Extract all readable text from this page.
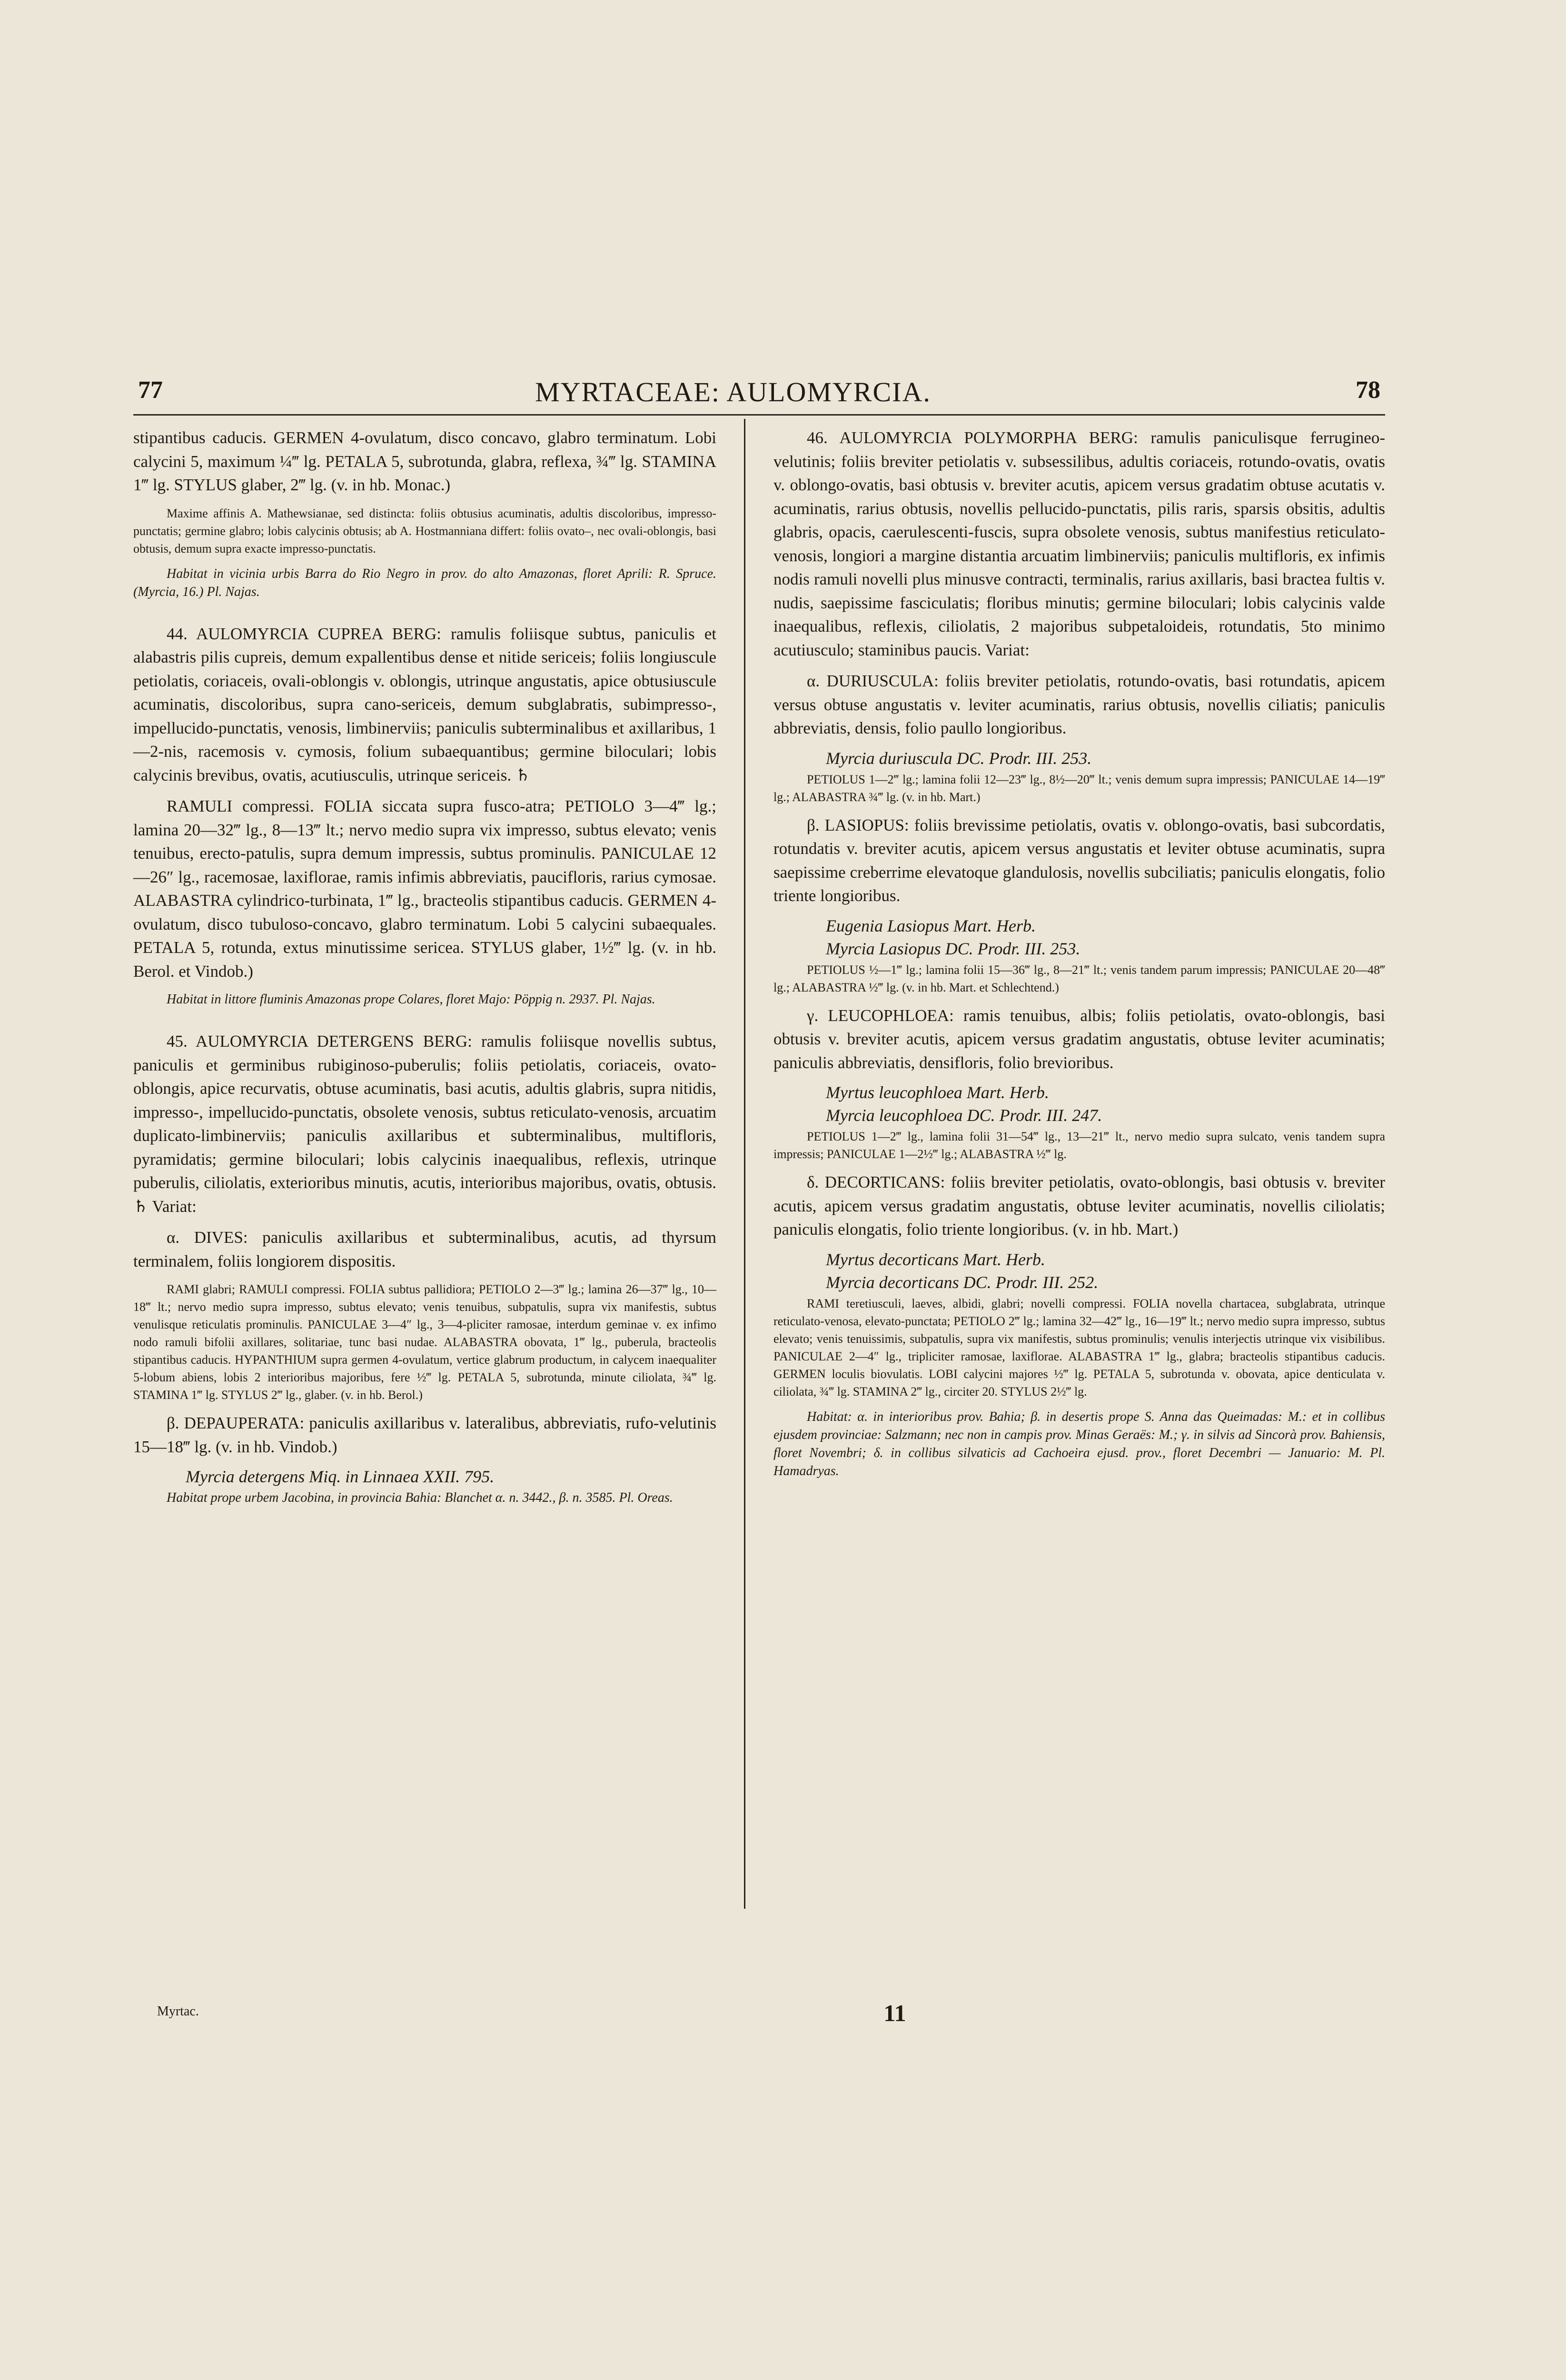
77	MYRTACEAE: AULOMYRCIA.	78

stipantibus caducis. GERMEN 4-ovulatum, disco concavo, glabro terminatum. Lobi calycini 5, maximum ¼‴ lg. PETALA 5, subrotunda, glabra, reflexa, ¾‴ lg. STAMINA 1‴ lg. STYLUS glaber, 2‴ lg. (v. in hb. Monac.)

Maxime affinis A. Mathewsianae, sed distincta: foliis obtusius acuminatis, adultis discoloribus, impresso-punctatis; germine glabro; lobis calycinis obtusis; ab A. Hostmanniana differt: foliis ovato–, nec ovali-oblongis, basi obtusis, demum supra exacte impresso-punctatis.

Habitat in vicinia urbis Barra do Rio Negro in prov. do alto Amazonas, floret Aprili: R. Spruce. (Myrcia, 16.) Pl. Najas.

44. AULOMYRCIA CUPREA BERG: ramulis foliisque subtus, paniculis et alabastris pilis cupreis, demum expallentibus dense et nitide sericeis; foliis longiuscule petiolatis, coriaceis, ovali-oblongis v. oblongis, utrinque angustatis, apice obtusiuscule acuminatis, discoloribus, supra cano-sericeis, demum subglabratis, subimpresso-, impellucido-punctatis, venosis, limbinerviis; paniculis subterminalibus et axillaribus, 1—2-nis, racemosis v. cymosis, folium subaequantibus; germine biloculari; lobis calycinis brevibus, ovatis, acutiusculis, utrinque sericeis. ♄

RAMULI compressi. FOLIA siccata supra fusco-atra; PETIOLO 3—4‴ lg.; lamina 20—32‴ lg., 8—13‴ lt.; nervo medio supra vix impresso, subtus elevato; venis tenuibus, erecto-patulis, supra demum impressis, subtus prominulis. PANICULAE 12—26″ lg., racemosae, laxiflorae, ramis infimis abbreviatis, paucifloris, rarius cymosae. ALABASTRA cylindrico-turbinata, 1‴ lg., bracteolis stipantibus caducis. GERMEN 4-ovulatum, disco tubuloso-concavo, glabro terminatum. Lobi 5 calycini subaequales. PETALA 5, rotunda, extus minutissime sericea. STYLUS glaber, 1½‴ lg. (v. in hb. Berol. et Vindob.)

Habitat in littore fluminis Amazonas prope Colares, floret Majo: Pöppig n. 2937. Pl. Najas.

45. AULOMYRCIA DETERGENS BERG: ramulis foliisque novellis subtus, paniculis et germinibus rubiginoso-puberulis; foliis petiolatis, coriaceis, ovato-oblongis, apice recurvatis, obtuse acuminatis, basi acutis, adultis glabris, supra nitidis, impresso-, impellucido-punctatis, obsolete venosis, subtus reticulato-venosis, arcuatim duplicato-limbinerviis; paniculis axillaribus et subterminalibus, multifloris, pyramidatis; germine biloculari; lobis calycinis inaequalibus, reflexis, utrinque puberulis, ciliolatis, exterioribus minutis, acutis, interioribus majoribus, ovatis, obtusis. ♄ Variat:

α. DIVES: paniculis axillaribus et subterminalibus, acutis, ad thyrsum terminalem, foliis longiorem dispositis.

RAMI glabri; RAMULI compressi. FOLIA subtus pallidiora; PETIOLO 2—3‴ lg.; lamina 26—37‴ lg., 10—18‴ lt.; nervo medio supra impresso, subtus elevato; venis tenuibus, subpatulis, supra vix manifestis, subtus venulisque reticulatis prominulis. PANICULAE 3—4″ lg., 3—4-pliciter ramosae, interdum geminae v. ex infimo nodo ramuli bifolii axillares, solitariae, tunc basi nudae. ALABASTRA obovata, 1‴ lg., puberula, bracteolis stipantibus caducis. HYPANTHIUM supra germen 4-ovulatum, vertice glabrum productum, in calycem inaequaliter 5-lobum abiens, lobis 2 interioribus majoribus, fere ½‴ lg. PETALA 5, subrotunda, minute ciliolata, ¾‴ lg. STAMINA 1‴ lg. STYLUS 2‴ lg., glaber. (v. in hb. Berol.)

β. DEPAUPERATA: paniculis axillaribus v. lateralibus, abbreviatis, rufo-velutinis 15—18‴ lg. (v. in hb. Vindob.)

Myrcia detergens Miq. in Linnaea XXII. 795.

Habitat prope urbem Jacobina, in provincia Bahia: Blanchet α. n. 3442., β. n. 3585. Pl. Oreas.

Myrtac.

46. AULOMYRCIA POLYMORPHA BERG: ramulis paniculisque ferrugineo-velutinis; foliis breviter petiolatis v. subsessilibus, adultis coriaceis, rotundo-ovatis, ovatis v. oblongo-ovatis, basi obtusis v. breviter acutis, apicem versus gradatim obtuse acutatis v. acuminatis, rarius obtusis, novellis pellucido-punctatis, pilis raris, sparsis obsitis, adultis glabris, opacis, caerulescenti-fuscis, supra obsolete venosis, subtus manifestius reticulato-venosis, longiori a margine distantia arcuatim limbinerviis; paniculis multifloris, ex infimis nodis ramuli novelli plus minusve contracti, terminalis, rarius axillaris, basi bractea fultis v. nudis, saepissime fasciculatis; floribus minutis; germine biloculari; lobis calycinis valde inaequalibus, reflexis, ciliolatis, 2 majoribus subpetaloideis, rotundatis, 5to minimo acutiusculo; staminibus paucis. Variat:

α. DURIUSCULA: foliis breviter petiolatis, rotundo-ovatis, basi rotundatis, apicem versus obtuse angustatis v. leviter acuminatis, rarius obtusis, novellis ciliatis; paniculis abbreviatis, densis, folio paullo longioribus.

Myrcia duriuscula DC. Prodr. III. 253.

PETIOLUS 1—2‴ lg.; lamina folii 12—23‴ lg., 8½—20‴ lt.; venis demum supra impressis; PANICULAE 14—19‴ lg.; ALABASTRA ¾‴ lg. (v. in hb. Mart.)

β. LASIOPUS: foliis brevissime petiolatis, ovatis v. oblongo-ovatis, basi subcordatis, rotundatis v. breviter acutis, apicem versus angustatis et leviter obtuse acuminatis, supra saepissime creberrime elevatoque glandulosis, novellis subciliatis; paniculis elongatis, folio triente longioribus.

Eugenia Lasiopus Mart. Herb.

Myrcia Lasiopus DC. Prodr. III. 253.

PETIOLUS ½—1‴ lg.; lamina folii 15—36‴ lg., 8—21‴ lt.; venis tandem parum impressis; PANICULAE 20—48‴ lg.; ALABASTRA ½‴ lg. (v. in hb. Mart. et Schlechtend.)

γ. LEUCOPHLOEA: ramis tenuibus, albis; foliis petiolatis, ovato-oblongis, basi obtusis v. breviter acutis, apicem versus gradatim angustatis, obtuse leviter acuminatis; paniculis abbreviatis, densifloris, folio brevioribus.

Myrtus leucophloea Mart. Herb.

Myrcia leucophloea DC. Prodr. III. 247.

PETIOLUS 1—2‴ lg., lamina folii 31—54‴ lg., 13—21‴ lt., nervo medio supra sulcato, venis tandem supra impressis; PANICULAE 1—2½‴ lg.; ALABASTRA ½‴ lg.

δ. DECORTICANS: foliis breviter petiolatis, ovato-oblongis, basi obtusis v. breviter acutis, apicem versus gradatim angustatis, obtuse leviter acuminatis, novellis ciliolatis; paniculis elongatis, folio triente longioribus. (v. in hb. Mart.)

Myrtus decorticans Mart. Herb.

Myrcia decorticans DC. Prodr. III. 252.

RAMI teretiusculi, laeves, albidi, glabri; novelli compressi. FOLIA novella chartacea, subglabrata, utrinque reticulato-venosa, elevato-punctata; PETIOLO 2‴ lg.; lamina 32—42‴ lg., 16—19‴ lt.; nervo medio supra impresso, subtus elevato; venis tenuissimis, subpatulis, supra vix manifestis, subtus prominulis; venulis interjectis utrinque vix visibilibus. PANICULAE 2—4″ lg., tripliciter ramosae, laxiflorae. ALABASTRA 1‴ lg., glabra; bracteolis stipantibus caducis. GERMEN loculis biovulatis. LOBI calycini majores ½‴ lg. PETALA 5, subrotunda v. obovata, apice denticulata v. ciliolata, ¾‴ lg. STAMINA 2‴ lg., circiter 20. STYLUS 2½‴ lg.

Habitat: α. in interioribus prov. Bahia; β. in desertis prope S. Anna das Queimadas: M.: et in collibus ejusdem provinciae: Salzmann; nec non in campis prov. Minas Geraës: M.; γ. in silvis ad Sincorà prov. Bahiensis, floret Novembri; δ. in collibus silvaticis ad Cachoeira ejusd. prov., floret Decembri — Januario: M. Pl. Hamadryas.

11
